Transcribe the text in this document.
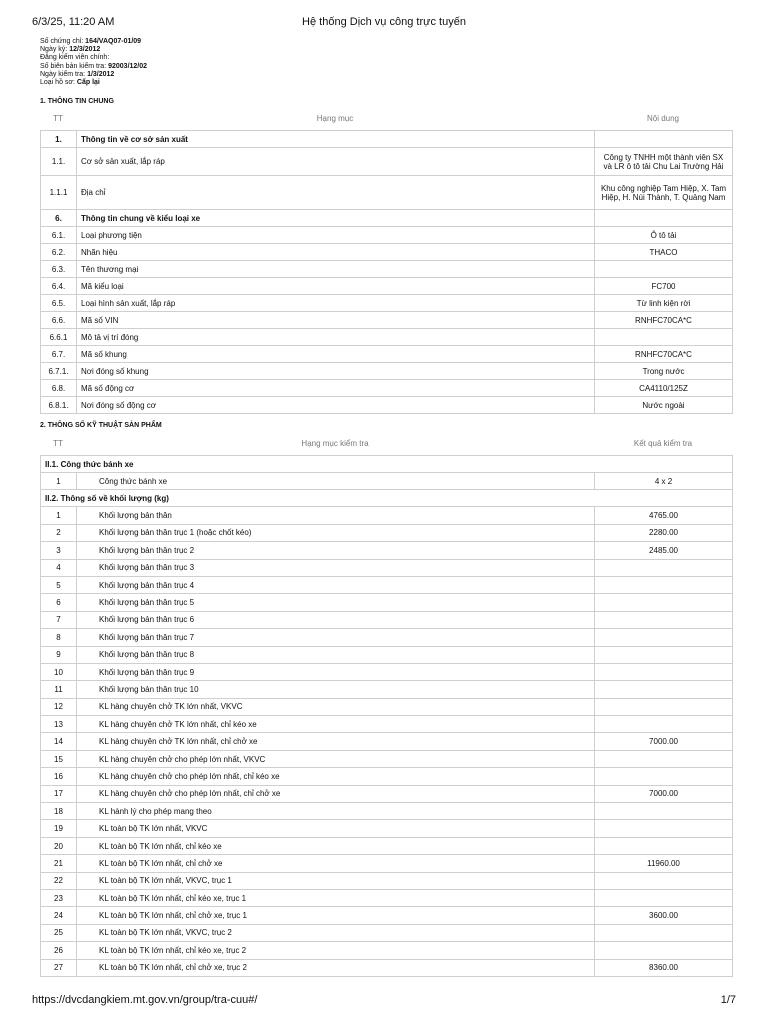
6/3/25, 11:20 AM	Hệ thống Dịch vụ công trực tuyến
Số chứng chỉ: 164/VAQ07-01/09
Ngày ký: 12/3/2012
Đăng kiểm viên chính:
Số biên bản kiểm tra: 92003/12/02
Ngày kiểm tra: 1/3/2012
Loại hồ sơ: Cấp lại
1. THÔNG TIN CHUNG
TT	Hạng mục	Nội dung
1.	Thông tin về cơ sở sản xuất	
1.1.	Cơ sở sản xuất, lắp ráp	Công ty TNHH một thành viên SX và LR ô tô tải Chu Lai Trường Hải
1.1.1	Địa chỉ	Khu công nghiệp Tam Hiệp, X. Tam Hiệp, H. Núi Thành, T. Quảng Nam
6.	Thông tin chung về kiểu loại xe	
6.1.	Loại phương tiện	Ô tô tải
6.2.	Nhãn hiệu	THACO
6.3.	Tên thương mại	
6.4.	Mã kiểu loại	FC700
6.5.	Loại hình sản xuất, lắp ráp	Từ linh kiện rời
6.6.	Mã số VIN	RNHFC70CA*C
6.6.1	Mô tả vị trí đóng	
6.7.	Mã số khung	RNHFC70CA*C
6.7.1.	Nơi đóng số khung	Trong nước
6.8.	Mã số động cơ	CA4110/125Z
6.8.1.	Nơi đóng số động cơ	Nước ngoài
2. THÔNG SỐ KỸ THUẬT SẢN PHẨM
TT	Hạng mục kiểm tra	Kết quả kiểm tra
II.1. Công thức bánh xe		
1	Công thức bánh xe	4 x 2
II.2. Thông số về khối lượng (kg)		
1	Khối lượng bản thân	4765.00
2	Khối lượng bản thân trục 1 (hoặc chốt kéo)	2280.00
3	Khối lượng bản thân trục 2	2485.00
4	Khối lượng bản thân trục 3	
5	Khối lượng bản thân trục 4	
6	Khối lượng bản thân trục 5	
7	Khối lượng bản thân trục 6	
8	Khối lượng bản thân trục 7	
9	Khối lượng bản thân trục 8	
10	Khối lượng bản thân trục 9	
11	Khối lượng bản thân trục 10	
12	KL hàng chuyên chở TK lớn nhất, VKVC	
13	KL hàng chuyên chở TK lớn nhất, chỉ kéo xe	
14	KL hàng chuyên chở TK lớn nhất, chỉ chở xe	7000.00
15	KL hàng chuyên chở cho phép lớn nhất, VKVC	
16	KL hàng chuyên chở cho phép lớn nhất, chỉ kéo xe	
17	KL hàng chuyên chở cho phép lớn nhất, chỉ chở xe	7000.00
18	KL hành lý cho phép mang theo	
19	KL toàn bộ TK lớn nhất, VKVC	
20	KL toàn bộ TK lớn nhất, chỉ kéo xe	
21	KL toàn bộ TK lớn nhất, chỉ chở xe	11960.00
22	KL toàn bộ TK lớn nhất, VKVC, trục 1	
23	KL toàn bộ TK lớn nhất, chỉ kéo xe, trục 1	
24	KL toàn bộ TK lớn nhất, chỉ chở xe, trục 1	3600.00
25	KL toàn bộ TK lớn nhất, VKVC, trục 2	
26	KL toàn bộ TK lớn nhất, chỉ kéo xe, trục 2	
27	KL toàn bộ TK lớn nhất, chỉ chở xe, trục 2	8360.00
https://dvcdangkiem.mt.gov.vn/group/tra-cuu#/	1/7
